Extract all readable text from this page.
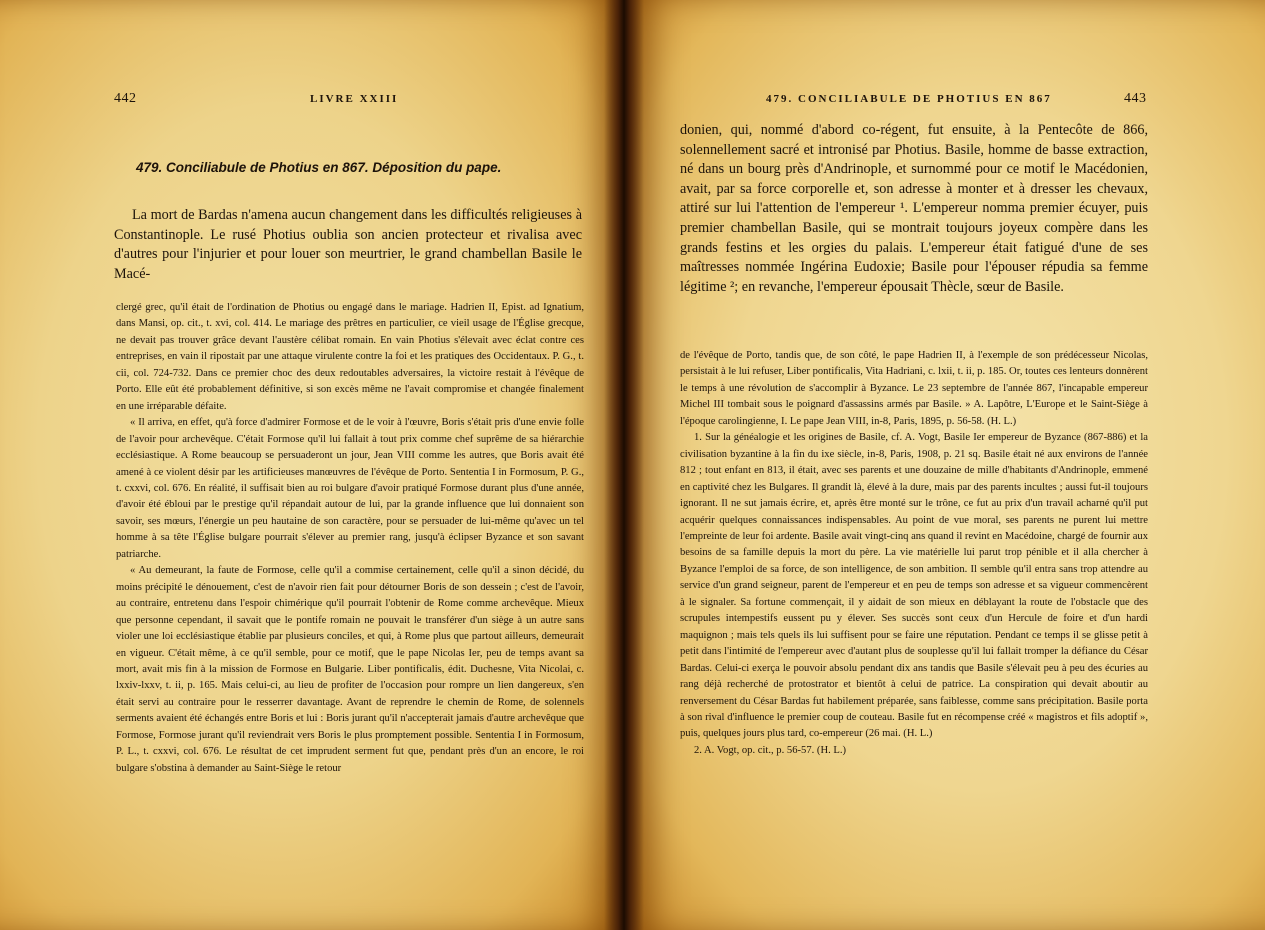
442	LIVRE XXIII
479. Conciliabule de Photius en 867. Déposition du pape.
La mort de Bardas n'amena aucun changement dans les difficultés religieuses à Constantinople. Le rusé Photius oublia son ancien protecteur et rivalisa avec d'autres pour l'injurier et pour louer son meurtrier, le grand chambellan Basile le Macé-

clergé grec, qu'il était de l'ordination de Photius ou engagé dans le mariage. Hadrien II, Epist. ad Ignatium, dans Mansi, op. cit., t. xvi, col. 414. Le mariage des prêtres en particulier, ce vieil usage de l'Église grecque, ne devait pas trouver grâce devant l'austère célibat romain. En vain Photius s'élevait avec éclat contre ces entreprises, en vain il ripostait par une attaque virulente contre la foi et les pratiques des Occidentaux. P. G., t. cii, col. 724-732. Dans ce premier choc des deux redoutables adversaires, la victoire restait à l'évêque de Porto. Elle eût été probablement définitive, si son excès même ne l'avait compromise et changée finalement en une irréparable défaite.

« Il arriva, en effet, qu'à force d'admirer Formose et de le voir à l'œuvre, Boris s'était pris d'une envie folle de l'avoir pour archevêque. C'était Formose qu'il lui fallait à tout prix comme chef suprême de sa hiérarchie ecclésiastique. A Rome beaucoup se persuaderont un jour, Jean VIII comme les autres, que Boris avait été amené à ce violent désir par les artificieuses manœuvres de l'évêque de Porto. Sententia I in Formosum, P. G., t. cxxvi, col. 676. En réalité, il suffisait bien au roi bulgare d'avoir pratiqué Formose durant plus d'une année, d'avoir été ébloui par le prestige qu'il répandait autour de lui, par la grande influence que lui donnaient son savoir, ses mœurs, l'énergie un peu hautaine de son caractère, pour se persuader de lui-même qu'avec un tel homme à sa tête l'Église bulgare pourrait s'élever au premier rang, jusqu'à éclipser Byzance et son savant patriarche.

« Au demeurant, la faute de Formose, celle qu'il a commise certainement, celle qu'il a sinon décidé, du moins précipité le dénouement, c'est de n'avoir rien fait pour détourner Boris de son dessein ; c'est de l'avoir, au contraire, entretenu dans l'espoir chimérique qu'il pourrait l'obtenir de Rome comme archevêque. Mieux que personne cependant, il savait que le pontife romain ne pouvait le transférer d'un siège à un autre sans violer une loi ecclésiastique établie par plusieurs conciles, et qui, à Rome plus que partout ailleurs, demeurait en vigueur. C'était même, à ce qu'il semble, pour ce motif, que le pape Nicolas Ier, peu de temps avant sa mort, avait mis fin à la mission de Formose en Bulgarie. Liber pontificalis, édit. Duchesne, Vita Nicolai, c. lxxiv-lxxv, t. ii, p. 165. Mais celui-ci, au lieu de profiter de l'occasion pour rompre un lien dangereux, s'en était servi au contraire pour le resserrer davantage. Avant de reprendre le chemin de Rome, de solennels serments avaient été échangés entre Boris et lui : Boris jurant qu'il n'accepterait jamais d'autre archevêque que Formose, Formose jurant qu'il reviendrait vers Boris le plus promptement possible. Sententia I in Formosum, P. L., t. cxxvi, col. 676. Le résultat de cet imprudent serment fut que, pendant près d'un an encore, le roi bulgare s'obstina à demander au Saint-Siège le retour

479. CONCILIABULE DE PHOTIUS EN 867	443
donien, qui, nommé d'abord co-régent, fut ensuite, à la Pentecôte de 866, solennellement sacré et intronisé par Photius. Basile, homme de basse extraction, né dans un bourg près d'Andrinople, et surnommé pour ce motif le Macédonien, avait, par sa force corporelle et, son adresse à monter et à dresser les chevaux, attiré sur lui l'attention de l'empereur ¹. L'empereur nomma premier écuyer, puis premier chambellan Basile, qui se montrait toujours joyeux compère dans les grands festins et les orgies du palais. L'empereur était fatigué d'une de ses maîtresses nommée Ingérina Eudoxie; Basile pour l'épouser répudia sa femme légitime ²; en revanche, l'empereur épousait Thècle, sœur de Basile.

de l'évêque de Porto, tandis que, de son côté, le pape Hadrien II, à l'exemple de son prédécesseur Nicolas, persistait à le lui refuser, Liber pontificalis, Vita Hadriani, c. lxii, t. ii, p. 185. Or, toutes ces lenteurs donnèrent le temps à une révolution de s'accomplir à Byzance. Le 23 septembre de l'année 867, l'incapable empereur Michel III tombait sous le poignard d'assassins armés par Basile. » A. Lapôtre, L'Europe et le Saint-Siège à l'époque carolingienne, I. Le pape Jean VIII, in-8, Paris, 1895, p. 56-58. (H. L.)

1. Sur la généalogie et les origines de Basile, cf. A. Vogt, Basile Ier empereur de Byzance (867-886) et la civilisation byzantine à la fin du ixe siècle, in-8, Paris, 1908, p. 21 sq. Basile était né aux environs de l'année 812 ; tout enfant en 813, il était, avec ses parents et une douzaine de mille d'habitants d'Andrinople, emmené en captivité chez les Bulgares. Il grandit là, élevé à la dure, mais par des parents incultes ; aussi fut-il toujours ignorant. Il ne sut jamais écrire, et, après être monté sur le trône, ce fut au prix d'un travail acharné qu'il put acquérir quelques connaissances indispensables. Au point de vue moral, ses parents ne purent lui mettre l'empreinte de leur foi ardente. Basile avait vingt-cinq ans quand il revint en Macédoine, chargé de fournir aux besoins de sa famille depuis la mort du père. La vie matérielle lui parut trop pénible et il alla chercher à Byzance l'emploi de sa force, de son intelligence, de son ambition. Il semble qu'il entra sans trop attendre au service d'un grand seigneur, parent de l'empereur et en peu de temps son adresse et sa vigueur commencèrent à le signaler. Sa fortune commençait, il y aidait de son mieux en déblayant la route de l'obstacle que des scrupules intempestifs eussent pu y élever. Ses succès sont ceux d'un Hercule de foire et d'un hardi maquignon ; mais tels quels ils lui suffisent pour se faire une réputation. Pendant ce temps il se glisse petit à petit dans l'intimité de l'empereur avec d'autant plus de souplesse qu'il lui fallait tromper la défiance du César Bardas. Celui-ci exerça le pouvoir absolu pendant dix ans tandis que Basile s'élevait peu à peu des écuries au rang déjà recherché de protostrator et bientôt à celui de patrice. La conspiration qui devait aboutir au renversement du César Bardas fut habilement préparée, sans faiblesse, comme sans précipitation. Basile porta à son rival d'influence le premier coup de couteau. Basile fut en récompense créé « magistros et fils adoptif », puis, quelques jours plus tard, co-empereur (26 mai. (H. L.)

2. A. Vogt, op. cit., p. 56-57. (H. L.)
